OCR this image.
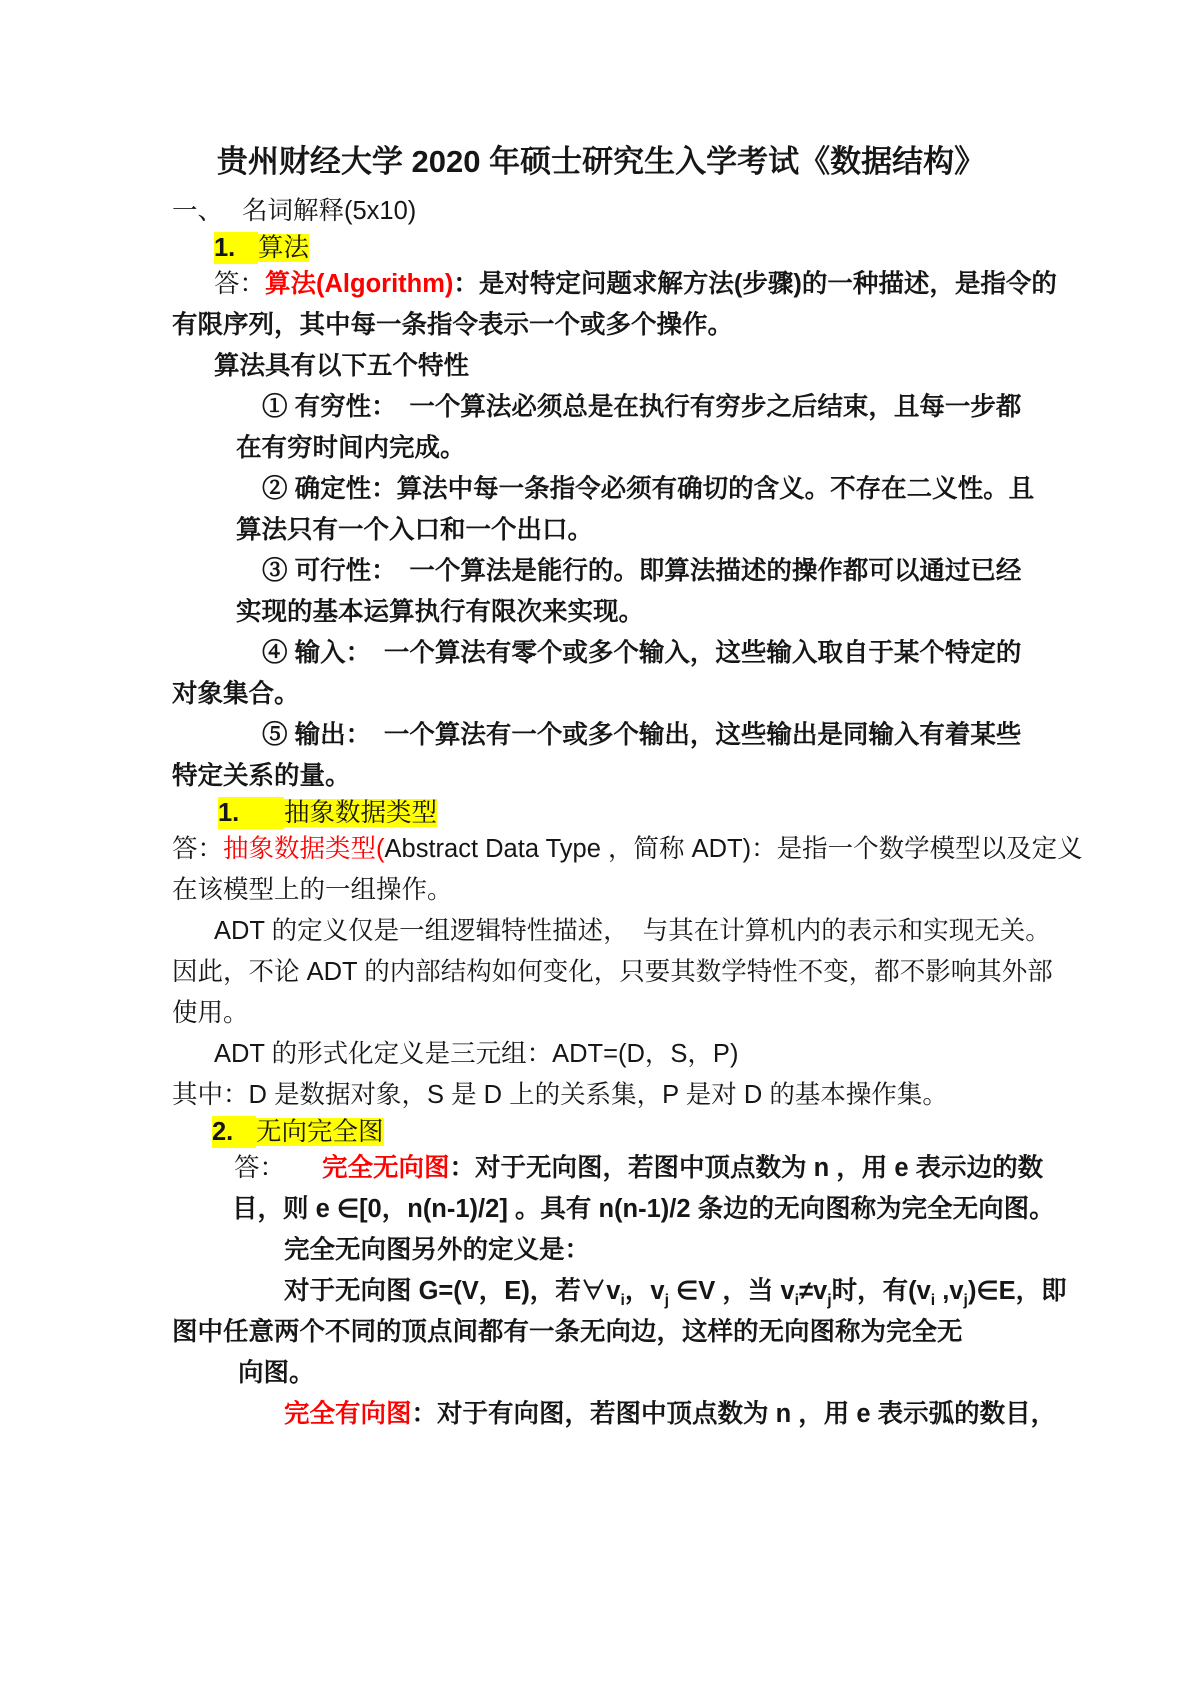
贵州财经大学 2020 年硕士研究生入学考试《数据结构》
一、 名词解释(5x10)
1. 算法
答：算法(Algorithm)：是对特定问题求解方法(步骤)的一种描述，是指令的
有限序列，其中每一条指令表示一个或多个操作。
算法具有以下五个特性
① 有穷性：　一个算法必须总是在执行有穷步之后结束，且每一步都
在有穷时间内完成。
② 确定性：算法中每一条指令必须有确切的含义。不存在二义性。且
算法只有一个入口和一个出口。
③ 可行性：　一个算法是能行的。即算法描述的操作都可以通过已经
实现的基本运算执行有限次来实现。
④ 输入：　一个算法有零个或多个输入，这些输入取自于某个特定的
对象集合。
⑤ 输出：　一个算法有一个或多个输出，这些输出是同输入有着某些
特定关系的量。
1. 抽象数据类型
答：抽象数据类型(Abstract Data Type ，简称 ADT)：是指一个数学模型以及定义
在该模型上的一组操作。
ADT 的定义仅是一组逻辑特性描述，  与其在计算机内的表示和实现无关。
因此，不论 ADT 的内部结构如何变化，只要其数学特性不变，都不影响其外部
使用。
ADT 的形式化定义是三元组：ADT=(D，S，P)
其中：D 是数据对象，S 是 D 上的关系集，P 是对 D 的基本操作集。
2. 无向完全图
答： 完全无向图：对于无向图，若图中顶点数为 n ，用 e 表示边的数
目，则 e ∈[0，n(n-1)/2] 。具有 n(n-1)/2 条边的无向图称为完全无向图。
完全无向图另外的定义是：
对于无向图 G=(V，E)，若$\forall v_i$，$v_j$ ∈V ，当 $v_i\ne v_j$时，有($v_i$ $,v_j)\in E$，即
图中任意两个不同的顶点间都有一条无向边，这样的无向图称为完全无
向图。
完全有向图：对于有向图，若图中顶点数为 n ，用 e 表示弧的数目，
